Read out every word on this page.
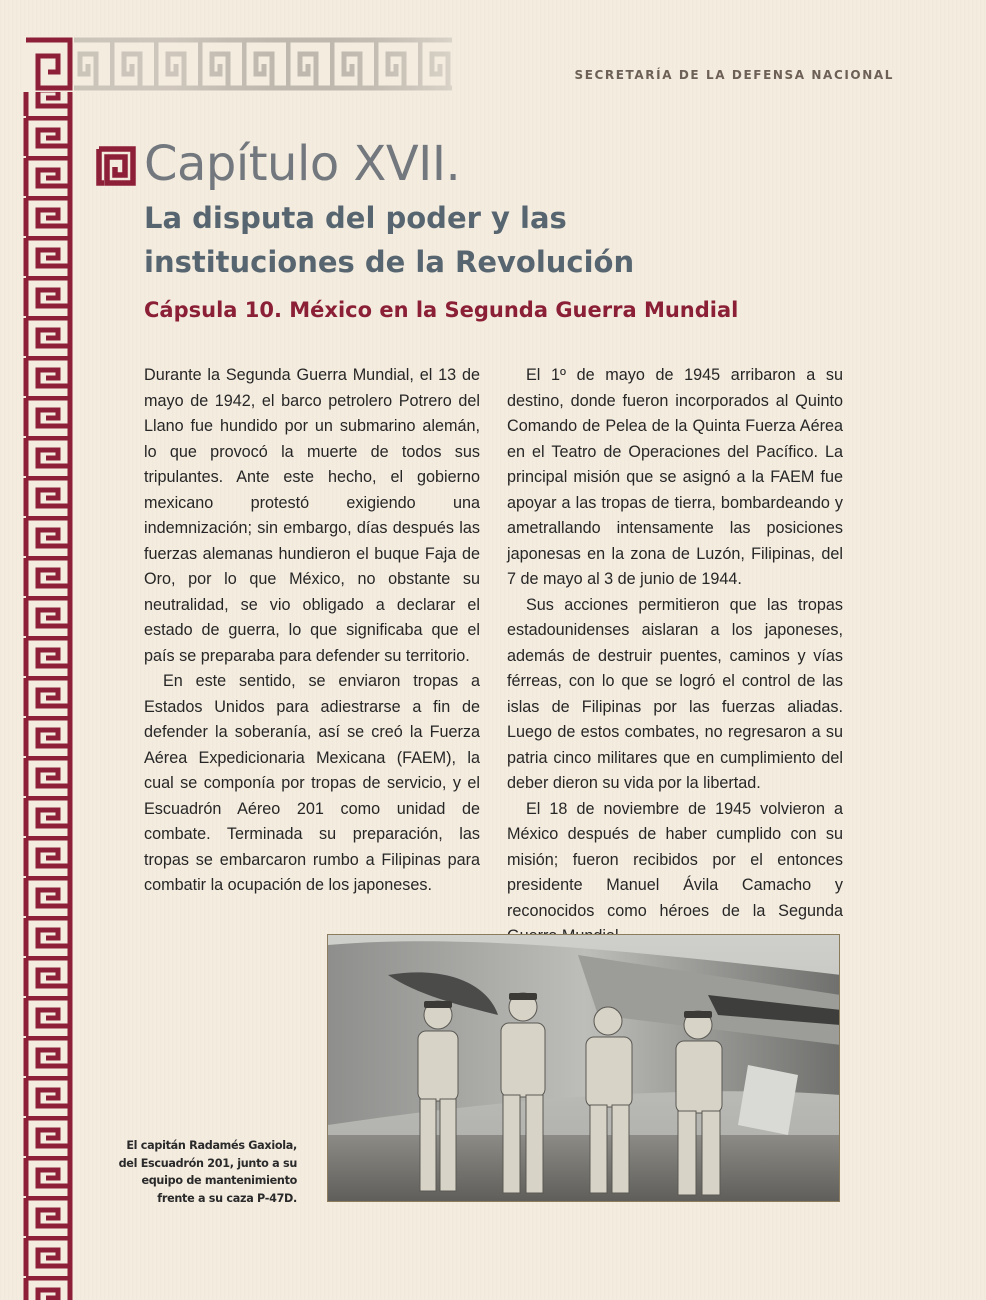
SECRETARÍA DE LA DEFENSA NACIONAL
Capítulo XVII.
La disputa del poder y las instituciones de la Revolución
Cápsula 10. México en la Segunda Guerra Mundial

Durante la Segunda Guerra Mundial, el 13 de mayo de 1942, el barco petrolero Potrero del Llano fue hundido por un submarino alemán, lo que provocó la muerte de todos sus tripulantes. Ante este hecho, el gobierno mexicano protestó exigiendo una indemnización; sin embargo, días después las fuerzas alemanas hundieron el buque Faja de Oro, por lo que México, no obstante su neutralidad, se vio obligado a declarar el estado de guerra, lo que significaba que el país se preparaba para defender su territorio.

En este sentido, se enviaron tropas a Estados Unidos para adiestrarse a fin de defender la soberanía, así se creó la Fuerza Aérea Expedicionaria Mexicana (FAEM), la cual se componía por tropas de servicio, y el Escuadrón Aéreo 201 como unidad de combate. Terminada su preparación, las tropas se embarcaron rumbo a Filipinas para combatir la ocupación de los japoneses.

El 1º de mayo de 1945 arribaron a su destino, donde fueron incorporados al Quinto Comando de Pelea de la Quinta Fuerza Aérea en el Teatro de Operaciones del Pacífico. La principal misión que se asignó a la FAEM fue apoyar a las tropas de tierra, bombardeando y ametrallando intensamente las posiciones japonesas en la zona de Luzón, Filipinas, del 7 de mayo al 3 de junio de 1944.

Sus acciones permitieron que las tropas estadounidenses aislaran a los japoneses, además de destruir puentes, caminos y vías férreas, con lo que se logró el control de las islas de Filipinas por las fuerzas aliadas. Luego de estos combates, no regresaron a su patria cinco militares que en cumplimiento del deber dieron su vida por la libertad.

El 18 de noviembre de 1945 volvieron a México después de haber cumplido con su misión; fueron recibidos por el entonces presidente Manuel Ávila Camacho y reconocidos como héroes de la Segunda

El capitán Radamés Gaxiola, del Escuadrón 201, junto a su equipo de mantenimiento frente a su caza P-47D.
